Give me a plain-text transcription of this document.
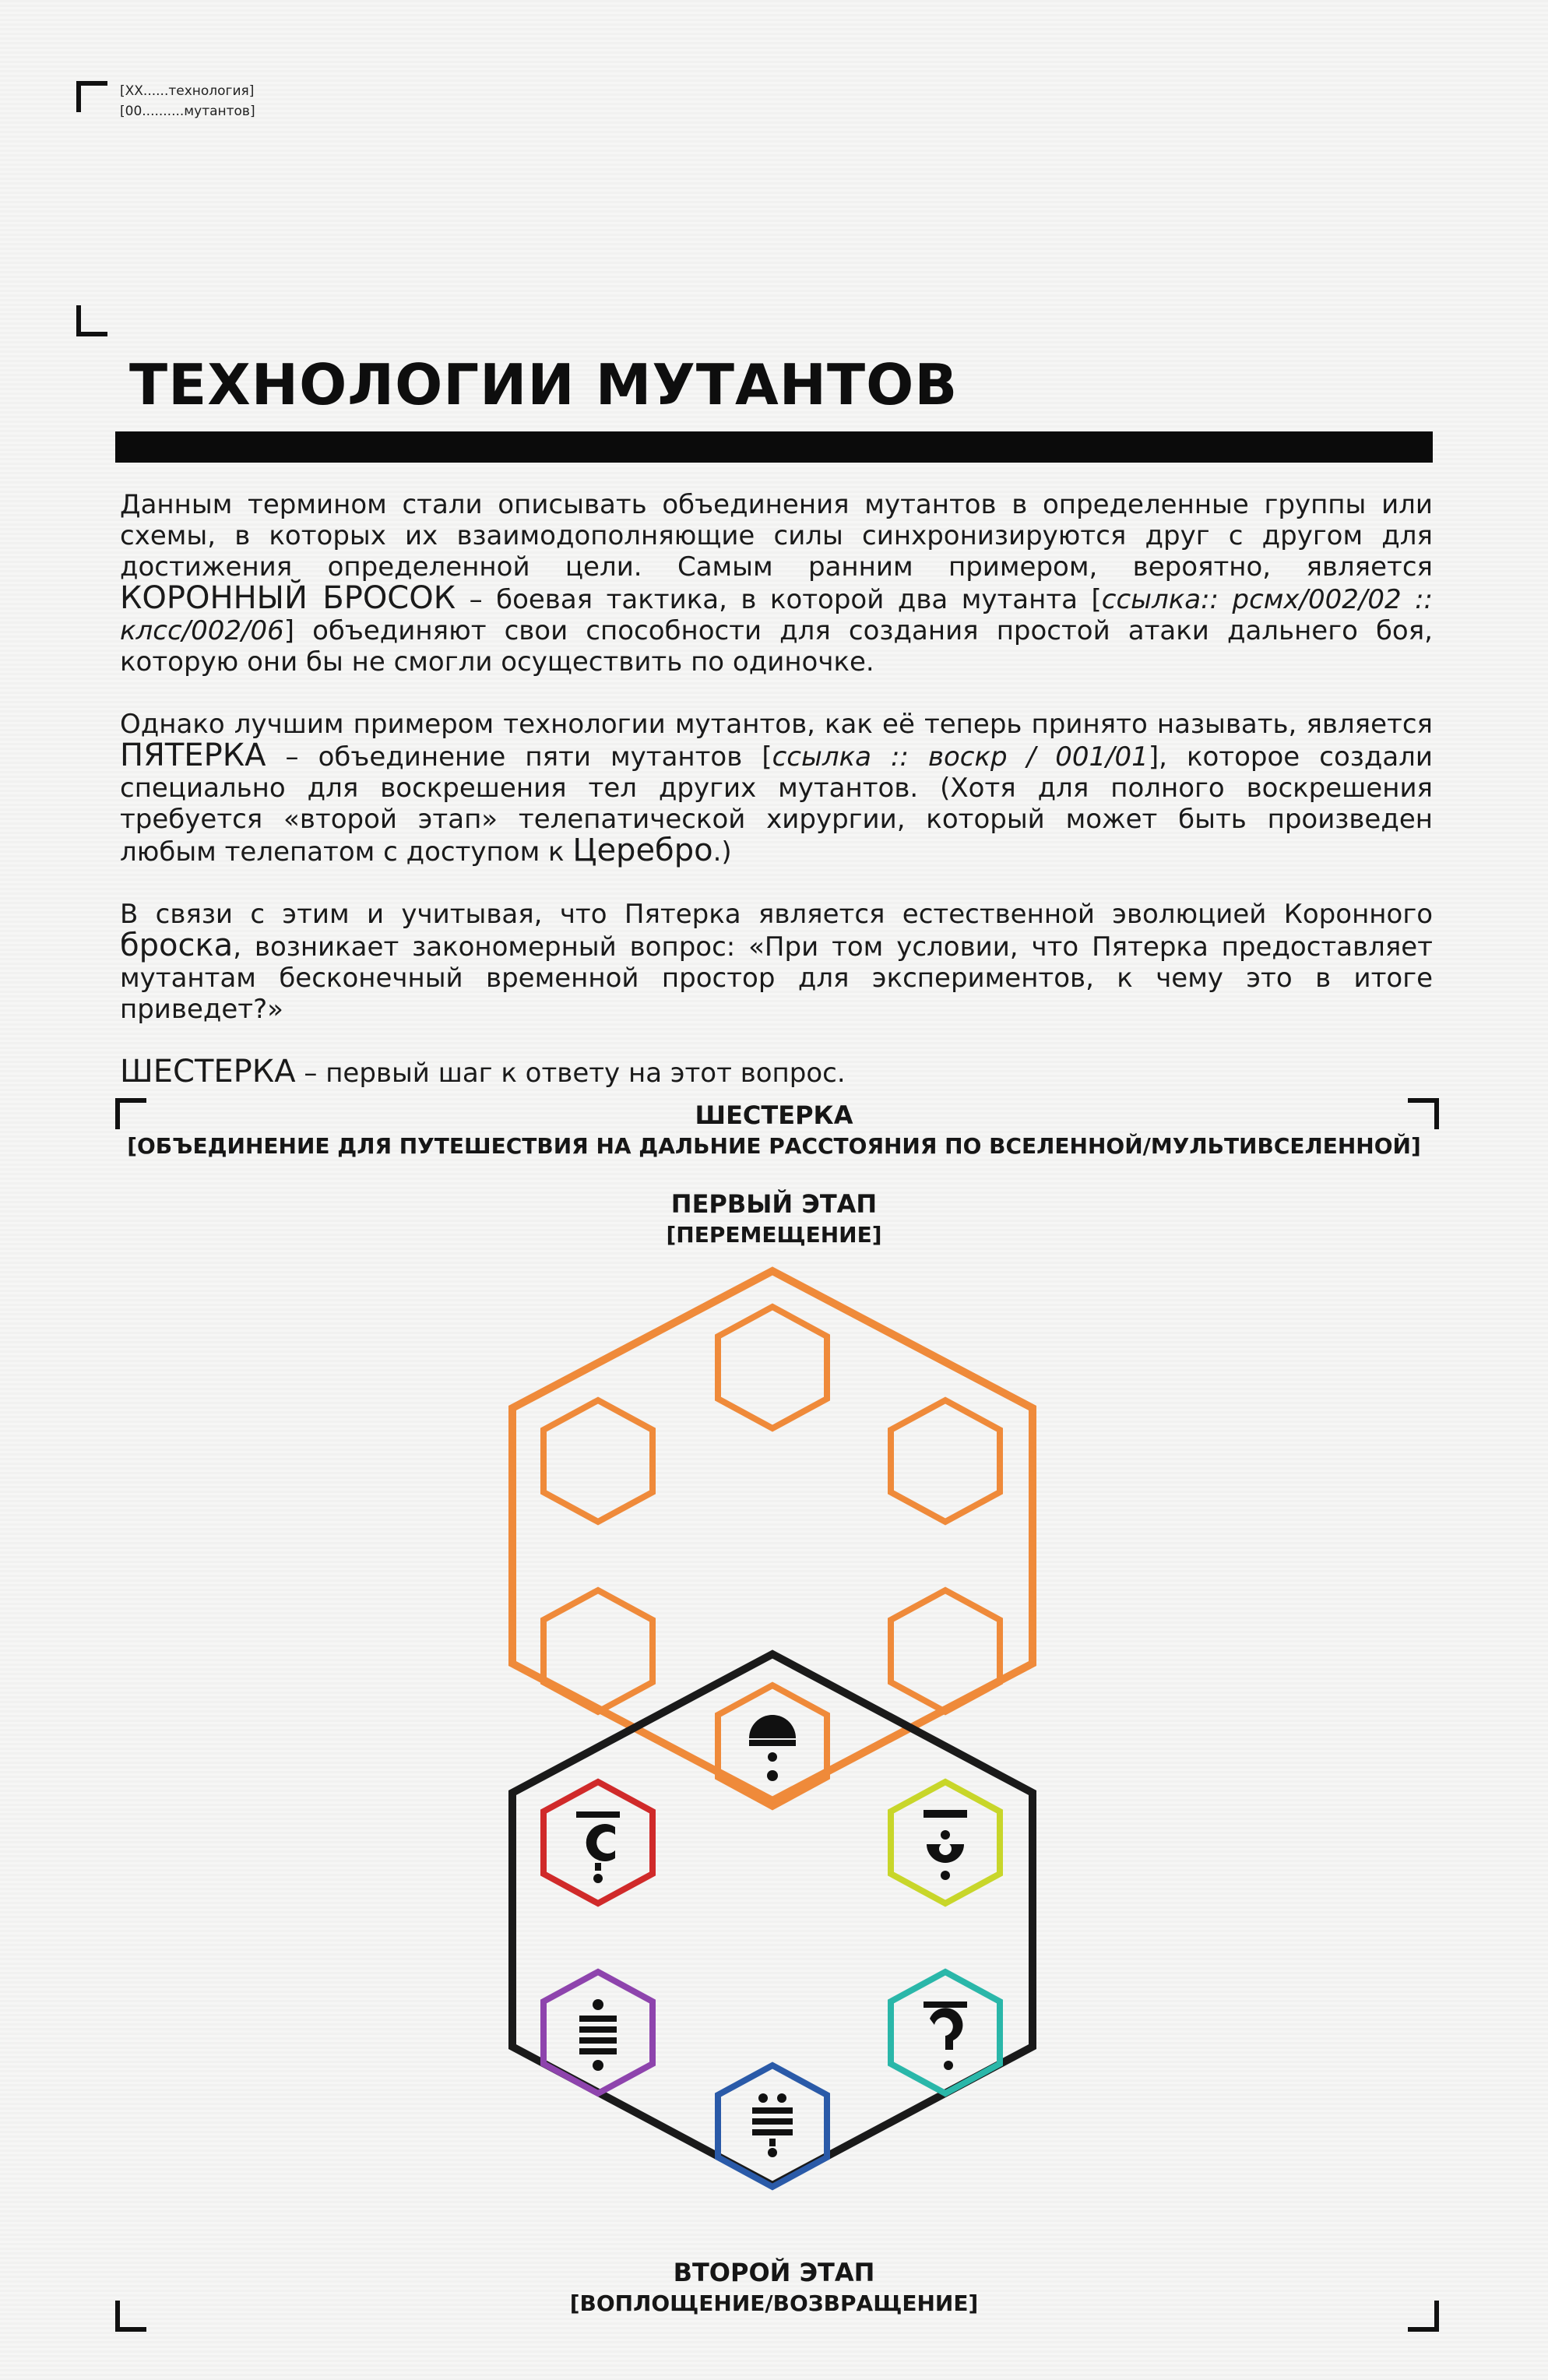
[XX......технология]
[00..........мутантов]
ТЕХНОЛОГИИ МУТАНТОВ

Данным термином стали описывать объединения мутантов в определенные группы или схемы, в которых их взаимодополняющие силы синхронизируются друг с другом для достижения определенной цели. Самым ранним примером, вероятно, является КОРОННЫЙ БРОСОК – боевая тактика, в которой два мутанта [ссылка:: рсмх/002/02 :: клсс/002/06] объединяют свои способности для создания простой атаки дальнего боя, которую они бы не смогли осуществить по одиночке.

Однако лучшим примером технологии мутантов, как её теперь принято называть, является ПЯТЕРКА – объединение пяти мутантов [ссылка :: воскр / 001/01], которое создали специально для воскрешения тел других мутантов. (Хотя для полного воскрешения требуется «второй этап» телепатической хирургии, который может быть произведен любым телепатом с доступом к Церебро.)

В связи с этим и учитывая, что Пятерка является естественной эволюцией Коронного броска, возникает закономерный вопрос: «При том условии, что Пятерка предоставляет мутантам бесконечный временной простор для экспериментов, к чему это в итоге приведет?»

ШЕСТЕРКА – первый шаг к ответу на этот вопрос.

ШЕСТЕРКА
[ОБЪЕДИНЕНИЕ ДЛЯ ПУТЕШЕСТВИЯ НА ДАЛЬНИЕ РАССТОЯНИЯ ПО ВСЕЛЕННОЙ/МУЛЬТИВСЕЛЕННОЙ]
ПЕРВЫЙ ЭТАП
[ПЕРЕМЕЩЕНИЕ]
ВТОРОЙ ЭТАП
[ВОПЛОЩЕНИЕ/ВОЗВРАЩЕНИЕ]
